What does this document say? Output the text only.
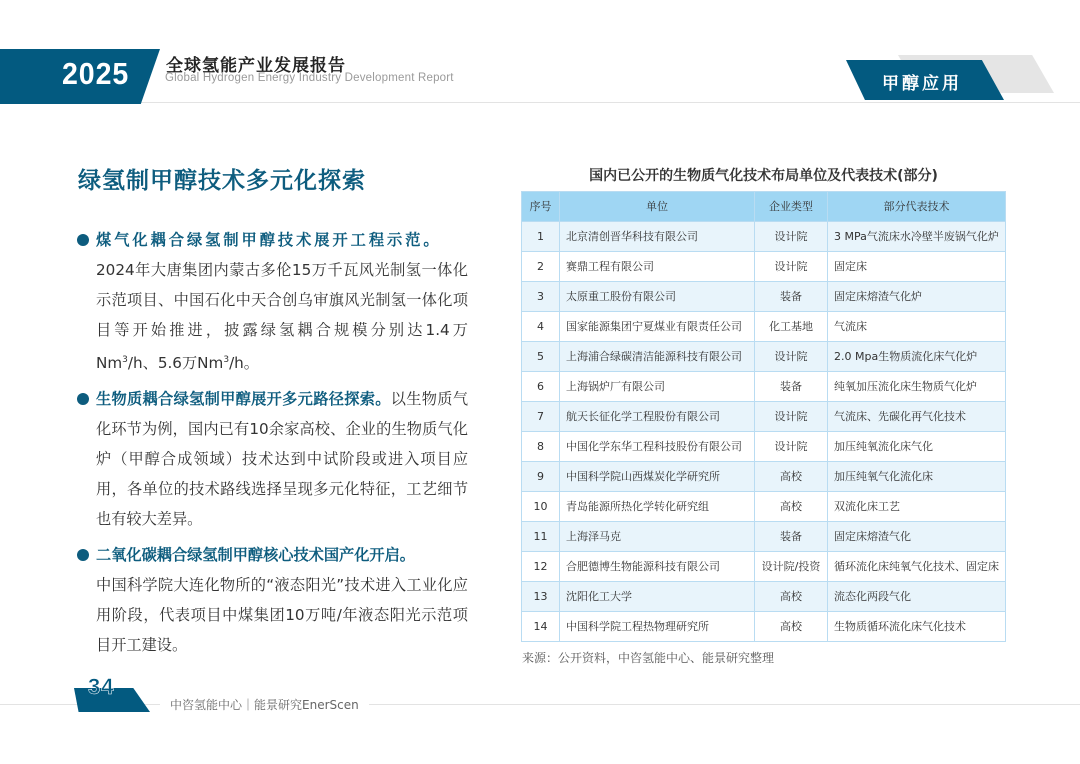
2025 全球氢能产业发展报告
Global Hydrogen Energy Industry Development Report	甲醇应用
绿氢制甲醇技术多元化探索
煤气化耦合绿氢制甲醇技术展开工程示范。
2024年大唐集团内蒙古多伦15万千瓦风光制氢一体化示范项目、中国石化中天合创乌审旗风光制氢一体化项目等开始推进，披露绿氢耦合规模分别达1.4万Nm$^3$/h、5.6万Nm$^3$/h。
生物质耦合绿氢制甲醇展开多元路径探索。以生物质气化环节为例，国内已有10余家高校、企业的生物质气化炉（甲醇合成领域）技术达到中试阶段或进入项目应用，各单位的技术路线选择呈现多元化特征，工艺细节也有较大差异。
二氧化碳耦合绿氢制甲醇核心技术国产化开启。
中国科学院大连化物所的“液态阳光”技术进入工业化应用阶段，代表项目中煤集团10万吨/年液态阳光示范项目开工建设。
国内已公开的生物质气化技术布局单位及代表技术(部分)
序号	单位	企业类型	部分代表技术
1	北京清创晋华科技有限公司	设计院	3 MPa气流床水冷壁半废锅气化炉
2	赛鼎工程有限公司	设计院	固定床
3	太原重工股份有限公司	装备	固定床熔渣气化炉
4	国家能源集团宁夏煤业有限责任公司	化工基地	气流床
5	上海浦合绿碳清洁能源科技有限公司	设计院	2.0 Mpa生物质流化床气化炉
6	上海锅炉厂有限公司	装备	纯氧加压流化床生物质气化炉
7	航天长征化学工程股份有限公司	设计院	气流床、先碳化再气化技术
8	中国化学东华工程科技股份有限公司	设计院	加压纯氧流化床气化
9	中国科学院山西煤炭化学研究所	高校	加压纯氧气化流化床
10	青岛能源所热化学转化研究组	高校	双流化床工艺
11	上海泽马克	装备	固定床熔渣气化
12	合肥德博生物能源科技有限公司	设计院/投资	循环流化床纯氧气化技术、固定床
13	沈阳化工大学	高校	流态化两段气化
14	中国科学院工程热物理研究所	高校	生物质循环流化床气化技术
来源：公开资料，中咨氢能中心、能景研究整理
34
中咨氢能中心｜能景研究EnerScen
